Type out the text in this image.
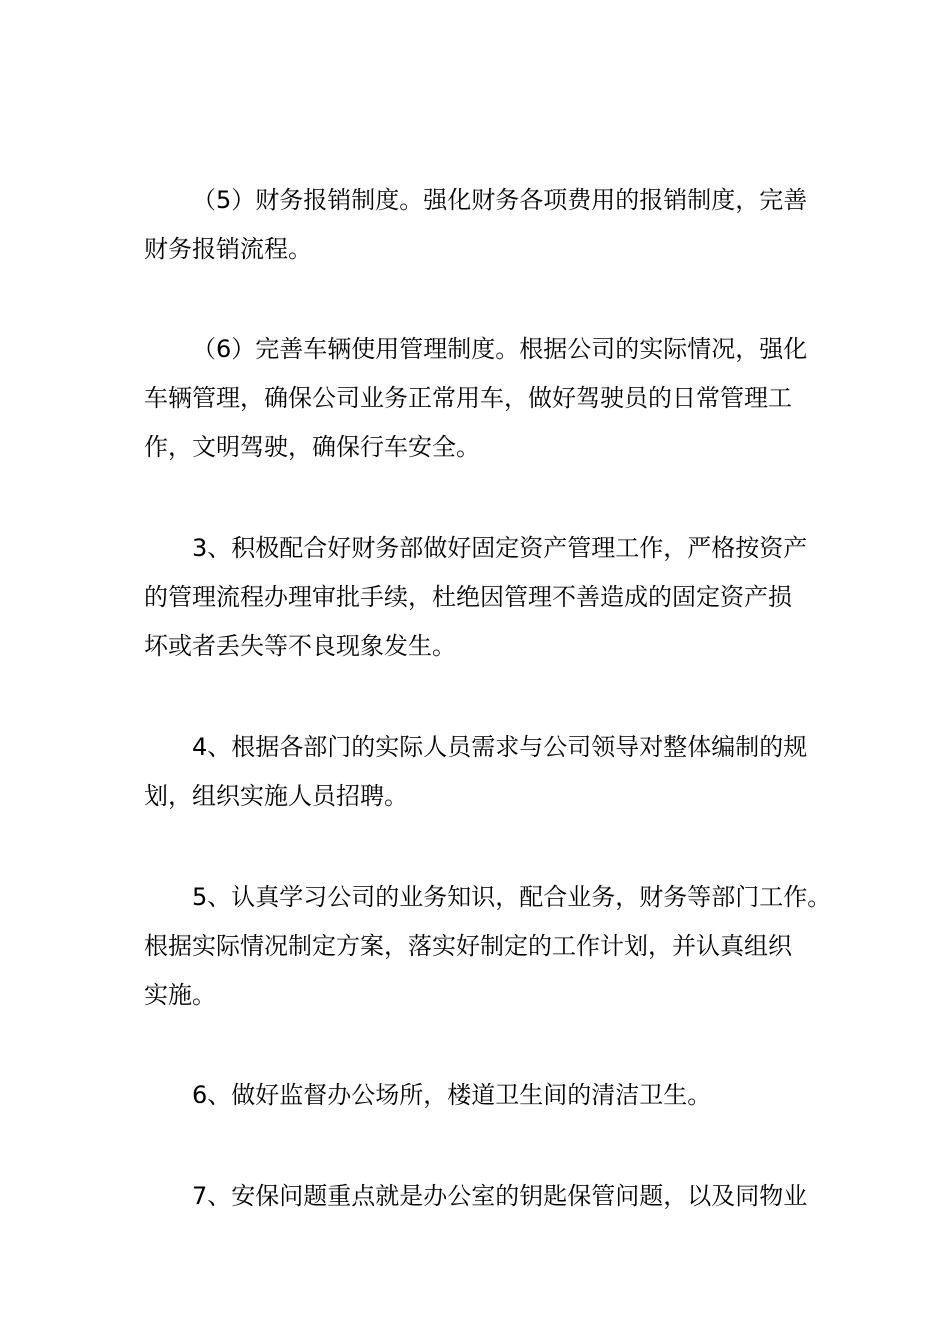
（5）财务报销制度。强化财务各项费用的报销制度，完善
财务报销流程。
（6）完善车辆使用管理制度。根据公司的实际情况，强化
车辆管理，确保公司业务正常用车，做好驾驶员的日常管理工
作，文明驾驶，确保行车安全。
3、积极配合好财务部做好固定资产管理工作，严格按资产
的管理流程办理审批手续，杜绝因管理不善造成的固定资产损
坏或者丢失等不良现象发生。
4、根据各部门的实际人员需求与公司领导对整体编制的规
划，组织实施人员招聘。
5、认真学习公司的业务知识，配合业务，财务等部门工作。
根据实际情况制定方案，落实好制定的工作计划，并认真组织
实施。
6、做好监督办公场所，楼道卫生间的清洁卫生。
7、安保问题重点就是办公室的钥匙保管问题，以及同物业
